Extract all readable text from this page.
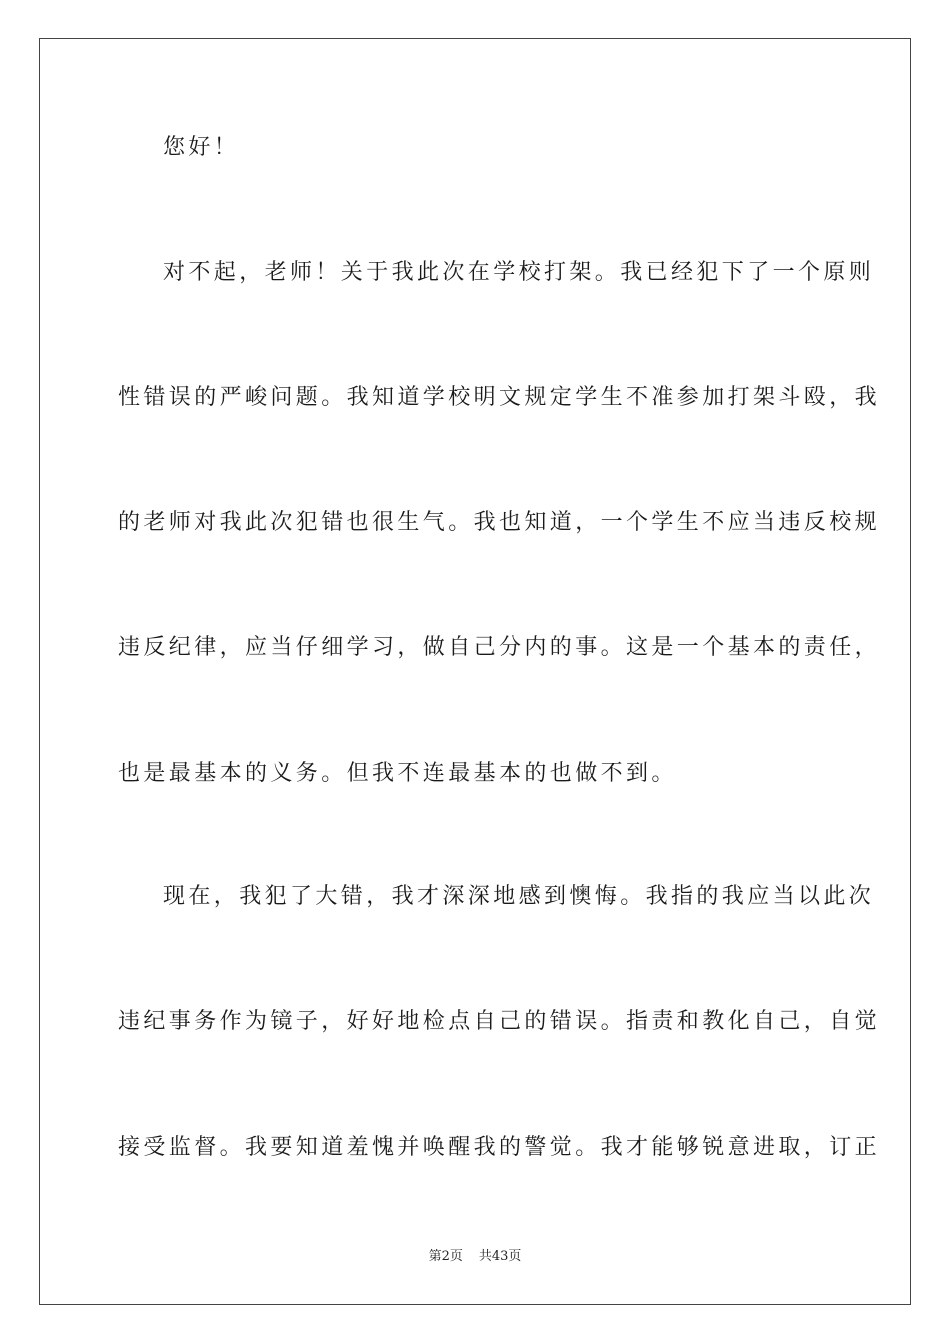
您好！
对不起，老师！关于我此次在学校打架。我已经犯下了一个原则
性错误的严峻问题。我知道学校明文规定学生不准参加打架斗殴，我
的老师对我此次犯错也很生气。我也知道，一个学生不应当违反校规
违反纪律，应当仔细学习，做自己分内的事。这是一个基本的责任，
也是最基本的义务。但我不连最基本的也做不到。
现在，我犯了大错，我才深深地感到懊悔。我指的我应当以此次
违纪事务作为镜子，好好地检点自己的错误。指责和教化自己，自觉
接受监督。我要知道羞愧并唤醒我的警觉。我才能够锐意进取，订正
第2页 共43页
